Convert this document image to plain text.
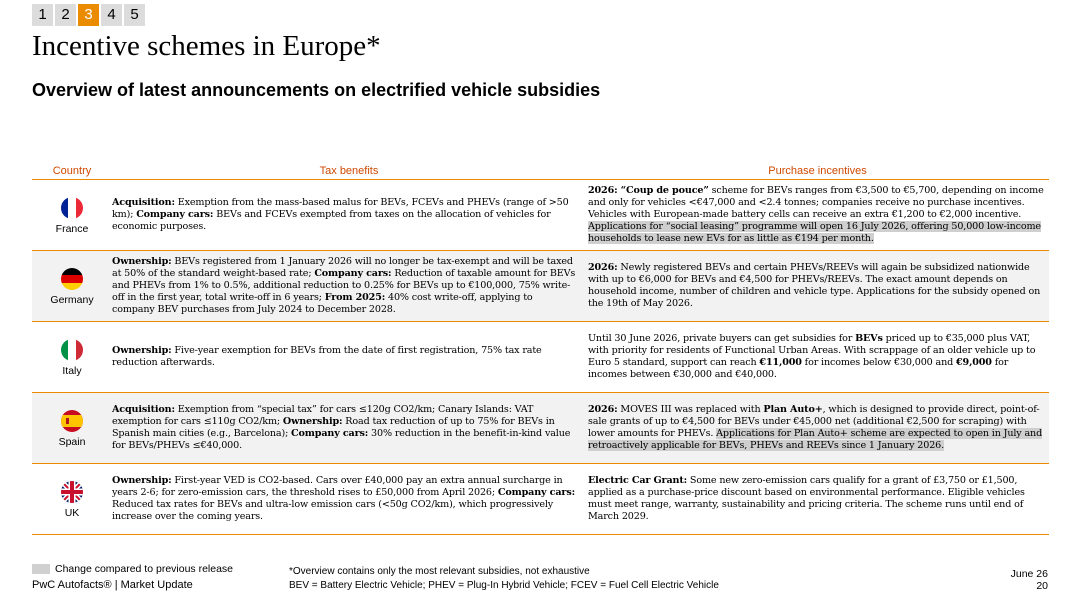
1 2 3 4 5
Incentive schemes in Europe*
Overview of latest announcements on electrified vehicle subsidies
Country	Tax benefits	Purchase incentives
France
Acquisition: Exemption from the mass-based malus for BEVs, FCEVs and PHEVs (range of >50 km); Company cars: BEVs and FCEVs exempted from taxes on the allocation of vehicles for economic purposes.
2026: “Coup de pouce” scheme for BEVs ranges from €3,500 to €5,700, depending on income and only for vehicles <€47,000 and <2.4 tonnes; companies receive no purchase incentives. Vehicles with European-made battery cells can receive an extra €1,200 to €2,000 incentive. Applications for “social leasing” programme will open 16 July 2026, offering 50,000 low-income households to lease new EVs for as little as €194 per month.
Germany
Ownership: BEVs registered from 1 January 2026 will no longer be tax-exempt and will be taxed at 50% of the standard weight-based rate; Company cars: Reduction of taxable amount for BEVs and PHEVs from 1% to 0.5%, additional reduction to 0.25% for BEVs up to €100,000, 75% write-off in the first year, total write-off in 6 years; From 2025: 40% cost write-off, applying to company BEV purchases from July 2024 to December 2028.
2026: Newly registered BEVs and certain PHEVs/REEVs will again be subsidized nationwide with up to €6,000 for BEVs and €4,500 for PHEVs/REEVs. The exact amount depends on household income, number of children and vehicle type. Applications for the subsidy opened on the 19th of May 2026.
Italy
Ownership: Five-year exemption for BEVs from the date of first registration, 75% tax rate reduction afterwards.
Until 30 June 2026, private buyers can get subsidies for BEVs priced up to €35,000 plus VAT, with priority for residents of Functional Urban Areas. With scrappage of an older vehicle up to Euro 5 standard, support can reach €11,000 for incomes below €30,000 and €9,000 for incomes between €30,000 and €40,000.
Spain
Acquisition: Exemption from “special tax” for cars ≤120g CO2/km; Canary Islands: VAT exemption for cars ≤110g CO2/km; Ownership: Road tax reduction of up to 75% for BEVs in Spanish main cities (e.g., Barcelona); Company cars: 30% reduction in the benefit-in-kind value for BEVs/PHEVs ≤€40,000.
2026: MOVES III was replaced with Plan Auto+, which is designed to provide direct, point-of-sale grants of up to €4,500 for BEVs under €45,000 net (additional €2,500 for scraping) with lower amounts for PHEVs. Applications for Plan Auto+ scheme are expected to open in July and retroactively applicable for BEVs, PHEVs and REEVs since 1 January 2026.
UK
Ownership: First-year VED is CO2-based. Cars over £40,000 pay an extra annual surcharge in years 2-6; for zero-emission cars, the threshold rises to £50,000 from April 2026; Company cars: Reduced tax rates for BEVs and ultra-low emission cars (<50g CO2/km), which progressively increase over the coming years.
Electric Car Grant: Some new zero-emission cars qualify for a grant of £3,750 or £1,500, applied as a purchase-price discount based on environmental performance. Eligible vehicles must meet range, warranty, sustainability and pricing criteria. The scheme runs until end of March 2029.
Change compared to previous release
PwC Autofacts® | Market Update
*Overview contains only the most relevant subsidies, not exhaustive
BEV = Battery Electric Vehicle; PHEV = Plug-In Hybrid Vehicle; FCEV = Fuel Cell Electric Vehicle
June 26
20
